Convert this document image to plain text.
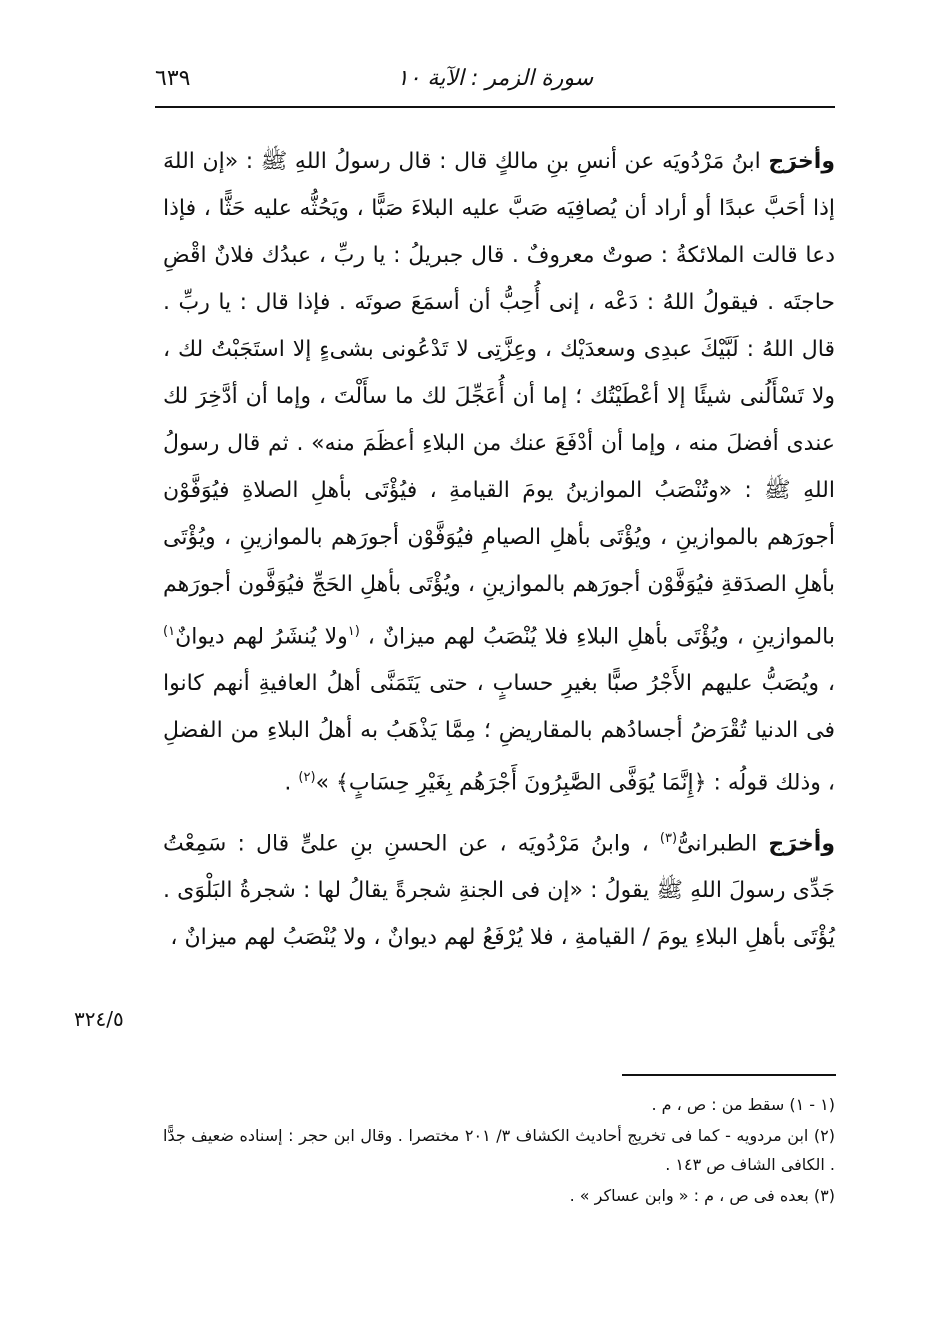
٦٣٩	سورة الزمر : الآية ١٠

وأخرَج ابنُ مَرْدُويَه عن أنسِ بنِ مالكٍ قال : قال رسولُ اللهِ ﷺ : «إن اللهَ إذا أحَبَّ عبدًا أو أراد أن يُصافِيَه صَبَّ عليه البلاءَ صَبًّا ، ويَحُثُّه عليه حَثًّا ، فإذا دعا قالت الملائكةُ : صوتٌ معروفٌ . قال جبريلُ : يا ربِّ ، عبدُك فلانٌ اقْضِ حاجتَه . فيقولُ اللهُ : دَعْه ، إنى أُحِبُّ أن أسمَعَ صوتَه . فإذا قال : يا ربِّ . قال اللهُ : لَبَّيْكَ عبدِى وسعدَيْك ، وعِزَّتِى لا تَدْعُونى بشىءٍ إلا استَجَبْتُ لك ، ولا تَسْأَلُنى شيئًا إلا أعْطَيْتُك ؛ إما أن أُعَجِّلَ لك ما سأَلْتَ ، وإما أن أدَّخِرَ لك عندى أفضلَ منه ، وإما أن أدْفَعَ عنك من البلاءِ أعظَمَ منه» . ثم قال رسولُ اللهِ ﷺ : «وتُنْصَبُ الموازينُ يومَ القيامةِ ، فيُؤْتَى بأهلِ الصلاةِ فيُوَفَّوْن أجورَهم بالموازينِ ، ويُؤْتَى بأهلِ الصيامِ فيُوَفَّوْن أجورَهم بالموازينِ ، ويُؤْتَى بأهلِ الصدَقةِ فيُوَفَّوْن أجورَهم بالموازينِ ، ويُؤْتَى بأهلِ الحَجِّ فيُوَفَّون أجورَهم بالموازينِ ، ويُؤْتَى بأهلِ البلاءِ فلا يُنْصَبُ لهم ميزانٌ ، $^{(١}$ولا يُنشَرُ لهم ديوانٌ$^{١)}$ ، ويُصَبُّ عليهم الأَجْرُ صبًّا بغيرِ حسابٍ ، حتى يَتَمَنَّى أهلُ العافيةِ أنهم كانوا فى الدنيا تُقْرَضُ أجسادُهم بالمقاريضِ ؛ مِمَّا يَذْهَبُ به أهلُ البلاءِ من الفضلِ ، وذلك قولُه : ﴿إِنَّمَا يُوَفَّى الصَّٰبِرُونَ أَجْرَهُم بِغَيْرِ حِسَابٍ﴾ »$^{(٢)}$ .

وأخرَج الطبرانىُّ$^{(٣)}$ ، وابنُ مَرْدُويَه ، عن الحسنِ بنِ علىٍّ قال : سَمِعْتُ جَدِّى رسولَ اللهِ ﷺ يقولُ : «إن فى الجنةِ شجرةً يقالُ لها : شجرةُ البَلْوَى . يُؤْتَى بأهلِ البلاءِ يومَ / القيامةِ ، فلا يُرْفَعُ لهم ديوانٌ ، ولا يُنْصَبُ لهم ميزانٌ ،

٣٢٤/٥

(١ - ١) سقط من : ص ، م .

(٢) ابن مردويه - كما فى تخريج أحاديث الكشاف ٣/ ٢٠١ مختصرا . وقال ابن حجر : إسناده ضعيف جدًّا . الكافى الشاف ص ١٤٣ .

(٣) بعده فى ص ، م : « وابن عساكر » .
